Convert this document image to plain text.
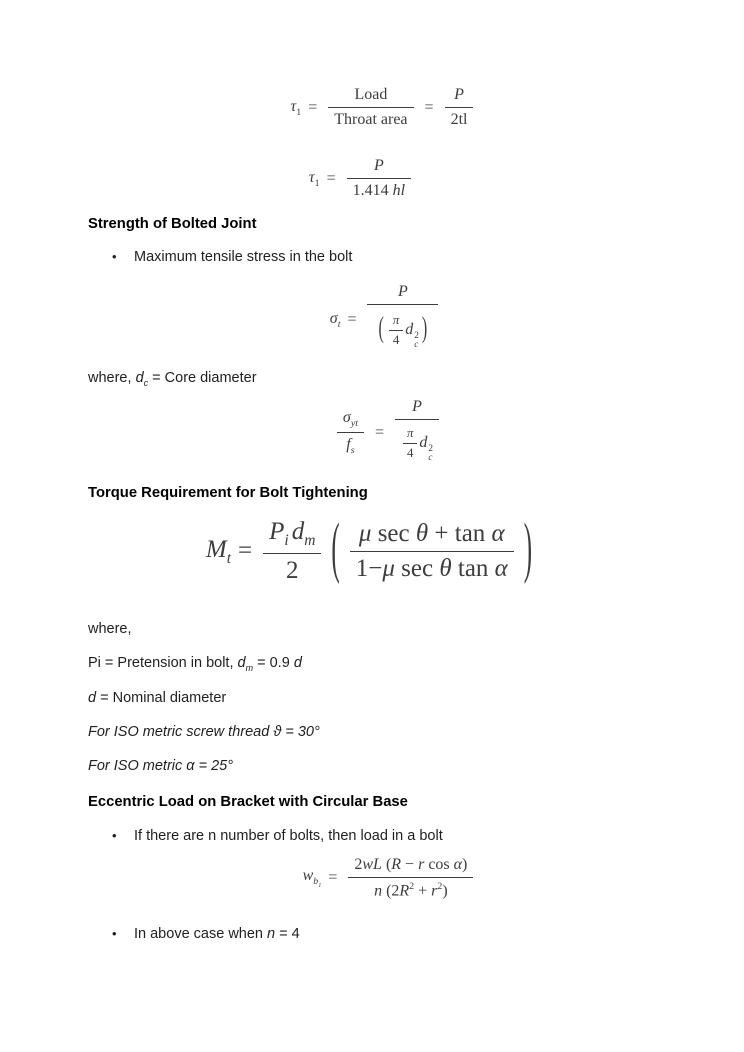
$\tau_1 = \frac{\text{Load}}{\text{Throat area}} = \frac{P}{2tl}$
$\tau_1 = \frac{P}{1.414 hl}$
Strength of Bolted Joint
• Maximum tensile stress in the bolt
$\sigma_t = P$
( $\frac{\pi}{4}$ d 2
c
)
where, $d_c$ = Core diameter
$\frac{\sigma_{yt}}{f_s} = P$
$\frac{\pi}{4}$ d 2
c
Torque Requirement for Bolt Tightening
$M_t = \frac{P_i d_m}{2}$ ( $\frac{\text{μ sec θ + tan α}}{\text{1−μ sec θ tan α}}$ )
where,
Pi = Pretension in bolt, $d_m = 0.9$ d
d = Nominal diameter
For ISO metric screw thread ϑ = 30°
For ISO metric α = 25°
Eccentric Load on Bracket with Circular Base
• If there are n number of bolts, then load in a bolt
$w_{b_1} = \frac{\text{2wL (R − r cos α)}}{n (2R^2 + r^2)}$
• In above case when n = 4
